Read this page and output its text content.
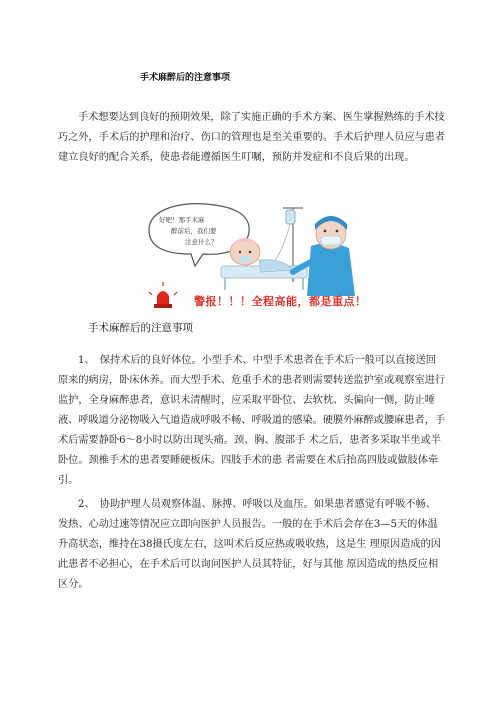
手术麻醉后的注意事项

手术想要达到良好的预期效果，除了实施正确的手术方案、医生掌握熟练的手术技巧之外，手术后的护理和治疗、伤口的管理也是至关重要的。手术后护理人员应与患者建立良好的配合关系，使患者能遵循医生叮嘱，预防并发症和不良后果的出现。

好吧！那手术麻
醉前后，我们要
注意什么？
警报！！！全程高能，都是重点！
手术麻醉后的注意事项

1、　保持术后的良好体位。小型手术、中型手术患者在手术后一般可以直接送回原来的病房，卧床休养。而大型手术、危重手术的患者则需要转送监护室或观察室进行监护，全身麻醉患者，意识未清醒时，应采取平卧位、去软枕、头偏向一侧，防止唾液、呼吸道分泌物吸入气道造成呼吸不畅、呼吸道的感染。硬膜外麻醉或腰麻患者，手术后需要静卧6～8小时以防出现头痛。颈、胸、腹部手 术之后，患者多采取半坐或半卧位。颈椎手术的患者要睡硬板床。四肢手术的患 者需要在术后抬高四肢或做肢体牵引。

2、　协助护理人员观察体温、脉搏、呼吸以及血压。如果患者感觉有呼吸不畅、发热、心动过速等情况应立即向医护人员报告。一般的在手术后会存在3—5天的体温升高状态，维持在38摄氏度左右，这叫术后反应热或吸收热，这是生 理原因造成的因此患者不必担心，在手术后可以询问医护人员其特征，好与其他 原因造成的热反应相区分。
